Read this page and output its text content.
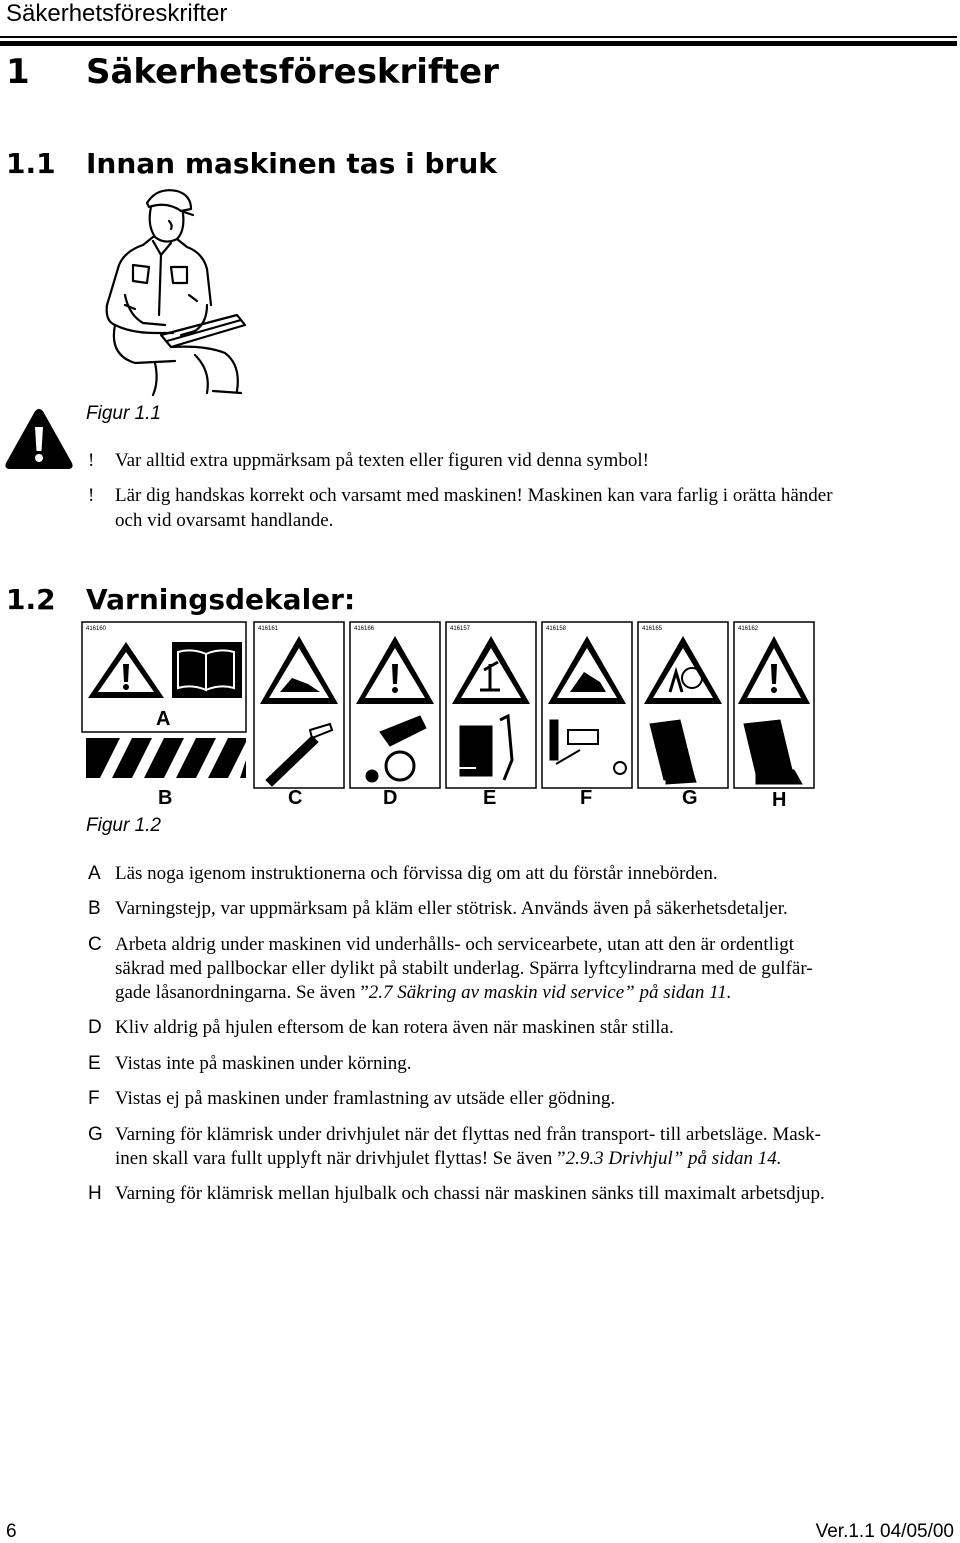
Säkerhetsföreskrifter
1 Säkerhetsföreskrifter
1.1 Innan maskinen tas i bruk
Figur 1.1
! Var alltid extra uppmärksam på texten eller figuren vid denna symbol!
! Lär dig handskas korrekt och varsamt med maskinen! Maskinen kan vara farlig i orätta händer
och vid ovarsamt handlande.
1.2 Varningsdekaler:
416160	416161	416166	416157	416158	416165	416162
A
B	C	D	E	F	G	H
Figur 1.2
A Läs noga igenom instruktionerna och förvissa dig om att du förstår innebörden.
B Varningstejp, var uppmärksam på kläm eller stötrisk. Används även på säkerhetsdetaljer.
C Arbeta aldrig under maskinen vid underhålls- och servicearbete, utan att den är ordentligt
säkrad med pallbockar eller dylikt på stabilt underlag. Spärra lyftcylindrarna med de gulfär-
gade låsanordningarna. Se även ”2.7 Säkring av maskin vid service” på sidan 11.
D Kliv aldrig på hjulen eftersom de kan rotera även när maskinen står stilla.
E Vistas inte på maskinen under körning.
F Vistas ej på maskinen under framlastning av utsäde eller gödning.
G Varning för klämrisk under drivhjulet när det flyttas ned från transport- till arbetsläge. Mask-
inen skall vara fullt upplyft när drivhjulet flyttas! Se även ”2.9.3 Drivhjul” på sidan 14.
H Varning för klämrisk mellan hjulbalk och chassi när maskinen sänks till maximalt arbetsdjup.
6	Ver.1.1 04/05/00
